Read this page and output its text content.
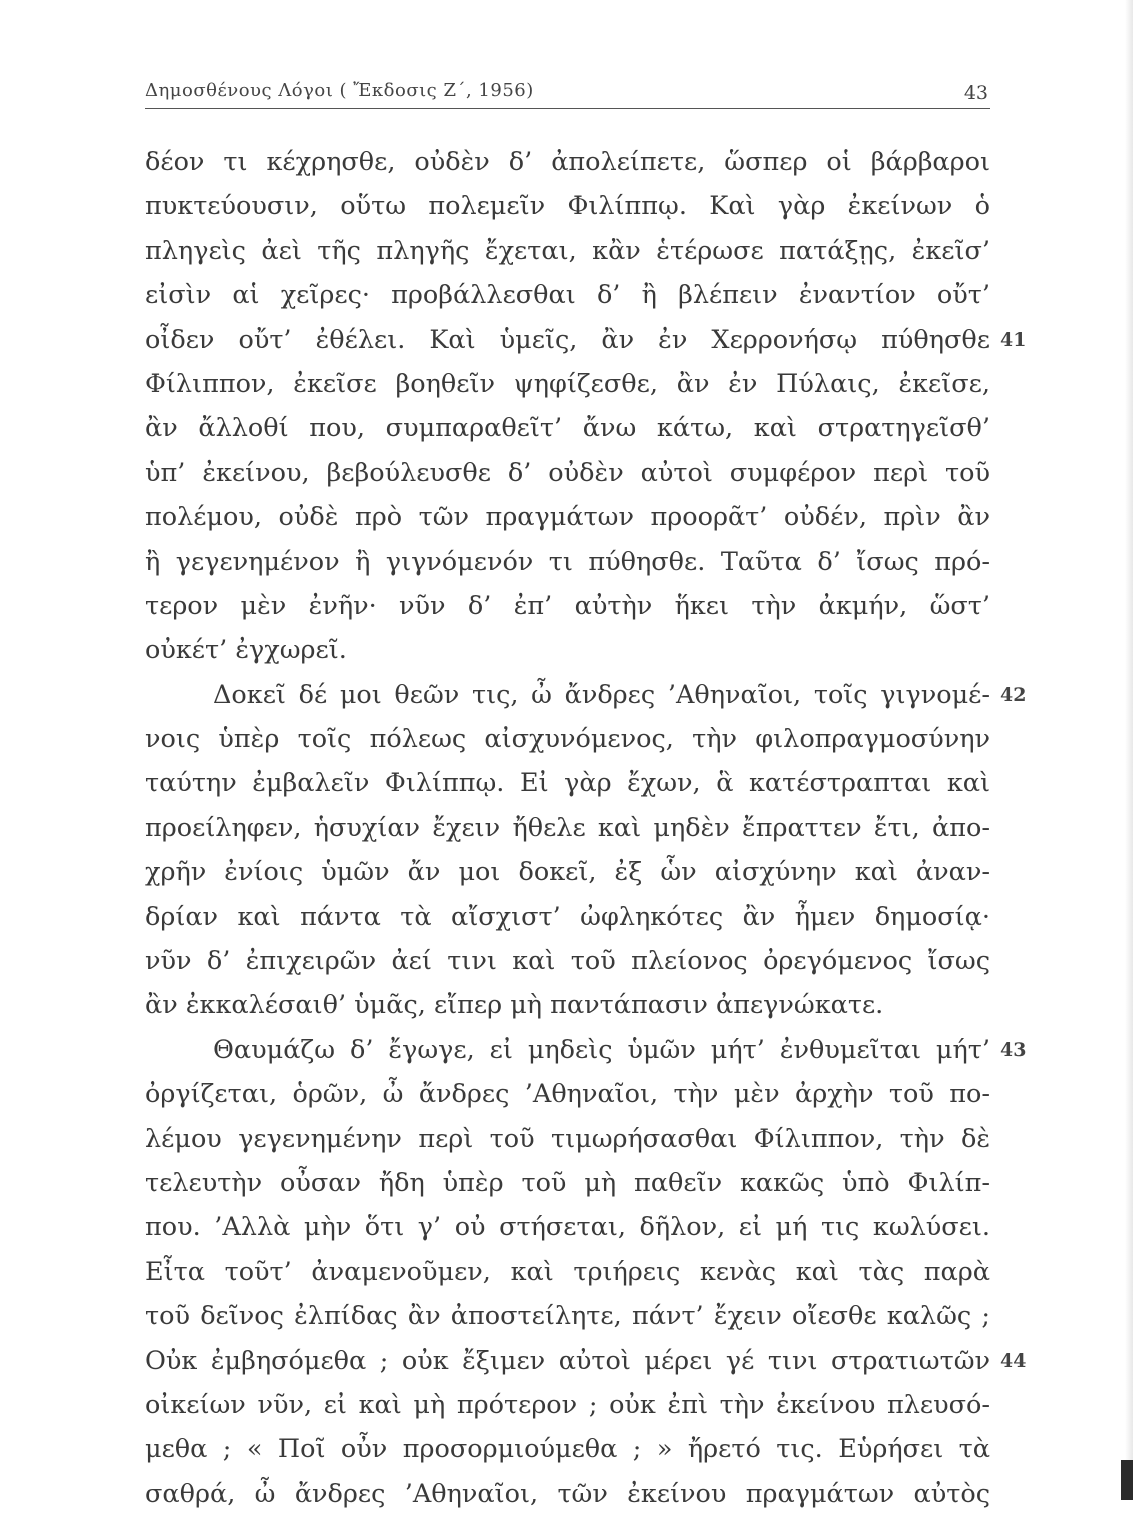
Δημοσθένους Λόγοι ( Ἔκδοσις Ζ΄, 1956)	43
δέον τι κέχρησθε, οὐδὲν δ’ ἀπολείπετε, ὥσπερ οἱ βάρβαροι
πυκτεύουσιν, οὕτω πολεμεῖν Φιλίππῳ. Καὶ γὰρ ἐκείνων ὁ
πληγεὶς ἀεὶ τῆς πληγῆς ἔχεται, κἂν ἑτέρωσε πατάξῃς, ἐκεῖσ’
εἰσὶν αἱ χεῖρες· προβάλλεσθαι δ’ ἢ βλέπειν ἐναντίον οὔτ’
οἶδεν οὔτ’ ἐθέλει. Καὶ ὑμεῖς, ἂν ἐν Χερρονήσῳ πύθησθε 41
Φίλιππον, ἐκεῖσε βοηθεῖν ψηφίζεσθε, ἂν ἐν Πύλαις, ἐκεῖσε,
ἂν ἄλλοθί που, συμπαραθεῖτ’ ἄνω κάτω, καὶ στρατηγεῖσθ’
ὑπ’ ἐκείνου, βεβούλευσθε δ’ οὐδὲν αὐτοὶ συμφέρον περὶ τοῦ
πολέμου, οὐδὲ πρὸ τῶν πραγμάτων προορᾶτ’ οὐδέν, πρὶν ἂν
ἢ γεγενημένον ἢ γιγνόμενόν τι πύθησθε. Ταῦτα δ’ ἴσως πρό-
τερον μὲν ἐνῆν· νῦν δ’ ἐπ’ αὐτὴν ἥκει τὴν ἀκμήν, ὥστ’
οὐκέτ’ ἐγχωρεῖ.
Δοκεῖ δέ μοι θεῶν τις, ὦ ἄνδρες ’Αθηναῖοι, τοῖς γιγνομέ- 42
νοις ὑπὲρ τοῖς πόλεως αἰσχυνόμενος, τὴν φιλοπραγμοσύνην
ταύτην ἐμβαλεῖν Φιλίππῳ. Εἰ γὰρ ἔχων, ἃ κατέστραπται καὶ
προείληφεν, ἡσυχίαν ἔχειν ἤθελε καὶ μηδὲν ἔπραττεν ἔτι, ἀπο-
χρῆν ἐνίοις ὑμῶν ἄν μοι δοκεῖ, ἐξ ὧν αἰσχύνην καὶ ἀναν-
δρίαν καὶ πάντα τὰ αἴσχιστ’ ὠφληκότες ἂν ἦμεν δημοσίᾳ·
νῦν δ’ ἐπιχειρῶν ἀεί τινι καὶ τοῦ πλείονος ὀρεγόμενος ἴσως
ἂν ἐκκαλέσαιθ’ ὑμᾶς, εἴπερ μὴ παντάπασιν ἀπεγνώκατε.
Θαυμάζω δ’ ἔγωγε, εἰ μηδεὶς ὑμῶν μήτ’ ἐνθυμεῖται μήτ’ 43
ὀργίζεται, ὁρῶν, ὦ ἄνδρες ’Αθηναῖοι, τὴν μὲν ἀρχὴν τοῦ πο-
λέμου γεγενημένην περὶ τοῦ τιμωρήσασθαι Φίλιππον, τὴν δὲ
τελευτὴν οὖσαν ἤδη ὑπὲρ τοῦ μὴ παθεῖν κακῶς ὑπὸ Φιλίπ-
που. ’Αλλὰ μὴν ὅτι γ’ οὐ στήσεται, δῆλον, εἰ μή τις κωλύσει.
Εἶτα τοῦτ’ ἀναμενοῦμεν, καὶ τριήρεις κενὰς καὶ τὰς παρὰ
τοῦ δεῖνος ἐλπίδας ἂν ἀποστείλητε, πάντ’ ἔχειν οἴεσθε καλῶς ;
Οὐκ ἐμβησόμεθα ; οὐκ ἔξιμεν αὐτοὶ μέρει γέ τινι στρατιωτῶν 44
οἰκείων νῦν, εἰ καὶ μὴ πρότερον ; οὐκ ἐπὶ τὴν ἐκείνου πλευσό-
μεθα ; « Ποῖ οὖν προσορμιούμεθα ; » ἤρετό τις. Εὑρήσει τὰ
σαθρά, ὦ ἄνδρες ’Αθηναῖοι, τῶν ἐκείνου πραγμάτων αὐτὸς
